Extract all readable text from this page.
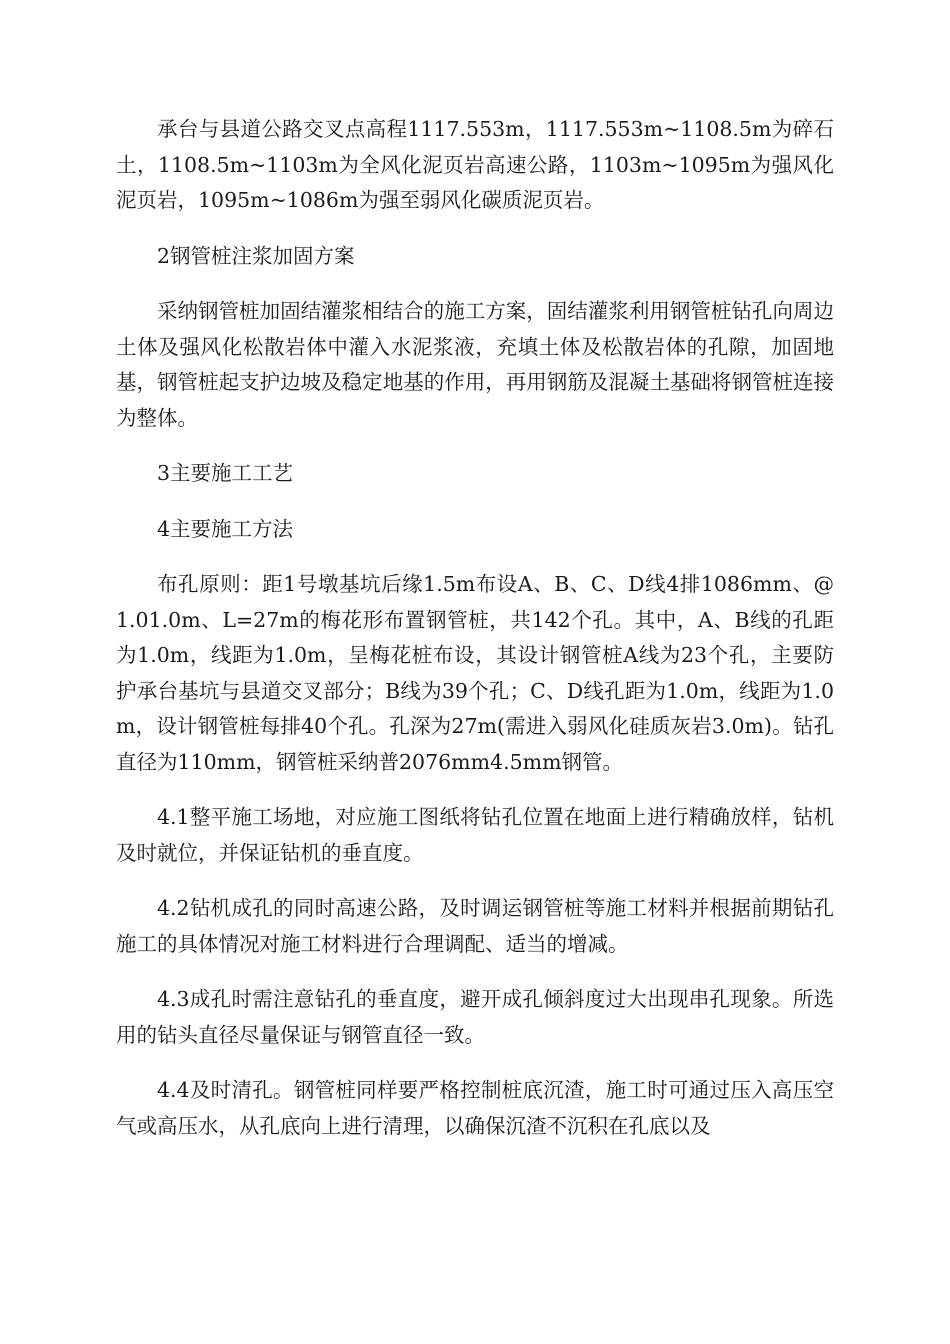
承台与县道公路交叉点高程1117.553m，1117.553m~1108.5m为碎石土，1108.5m~1103m为全风化泥页岩高速公路，1103m~1095m为强风化泥页岩，1095m~1086m为强至弱风化碳质泥页岩。

2钢管桩注浆加固方案

采纳钢管桩加固结灌浆相结合的施工方案，固结灌浆利用钢管桩钻孔向周边土体及强风化松散岩体中灌入水泥浆液，充填土体及松散岩体的孔隙，加固地基，钢管桩起支护边坡及稳定地基的作用，再用钢筋及混凝土基础将钢管桩连接为整体。

3主要施工工艺

4主要施工方法

布孔原则：距1号墩基坑后缘1.5m布设A、B、C、D线4排1086mm、@1.01.0m、L=27m的梅花形布置钢管桩，共142个孔。其中，A、B线的孔距为1.0m，线距为1.0m，呈梅花桩布设，其设计钢管桩A线为23个孔，主要防护承台基坑与县道交叉部分；B线为39个孔；C、D线孔距为1.0m，线距为1.0m，设计钢管桩每排40个孔。孔深为27m(需进入弱风化硅质灰岩3.0m)。钻孔直径为110mm，钢管桩采纳普2076mm4.5mm钢管。

4.1整平施工场地，对应施工图纸将钻孔位置在地面上进行精确放样，钻机及时就位，并保证钻机的垂直度。

4.2钻机成孔的同时高速公路，及时调运钢管桩等施工材料并根据前期钻孔施工的具体情况对施工材料进行合理调配、适当的增减。

4.3成孔时需注意钻孔的垂直度，避开成孔倾斜度过大出现串孔现象。所选用的钻头直径尽量保证与钢管直径一致。

4.4及时清孔。钢管桩同样要严格控制桩底沉渣，施工时可通过压入高压空气或高压水，从孔底向上进行清理，以确保沉渣不沉积在孔底以及
